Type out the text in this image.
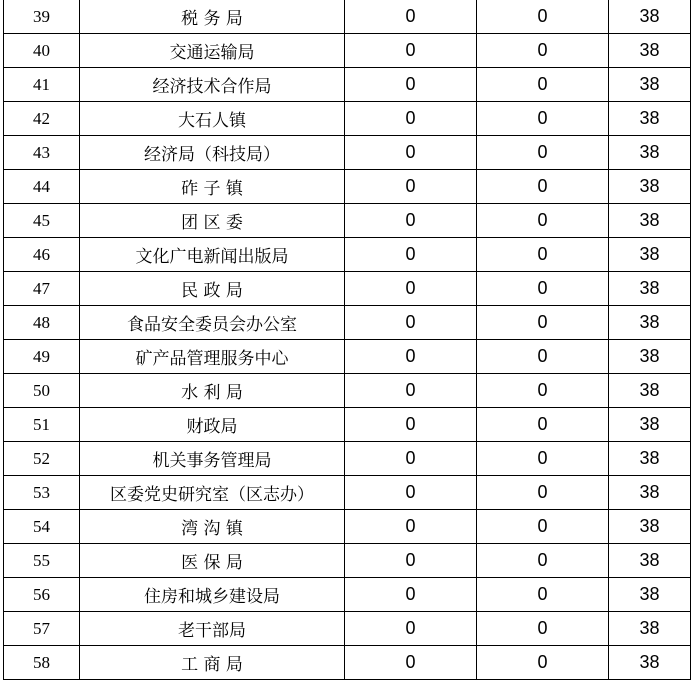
39	税 务 局	0	0	38
40	交通运输局	0	0	38
41	经济技术合作局	0	0	38
42	大石人镇	0	0	38
43	经济局（科技局）	0	0	38
44	砟 子 镇	0	0	38
45	团 区 委	0	0	38
46	文化广电新闻出版局	0	0	38
47	民 政 局	0	0	38
48	食品安全委员会办公室	0	0	38
49	矿产品管理服务中心	0	0	38
50	水 利 局	0	0	38
51	财政局	0	0	38
52	机关事务管理局	0	0	38
53	区委党史研究室（区志办）	0	0	38
54	湾 沟 镇	0	0	38
55	医 保 局	0	0	38
56	住房和城乡建设局	0	0	38
57	老干部局	0	0	38
58	工 商 局	0	0	38
